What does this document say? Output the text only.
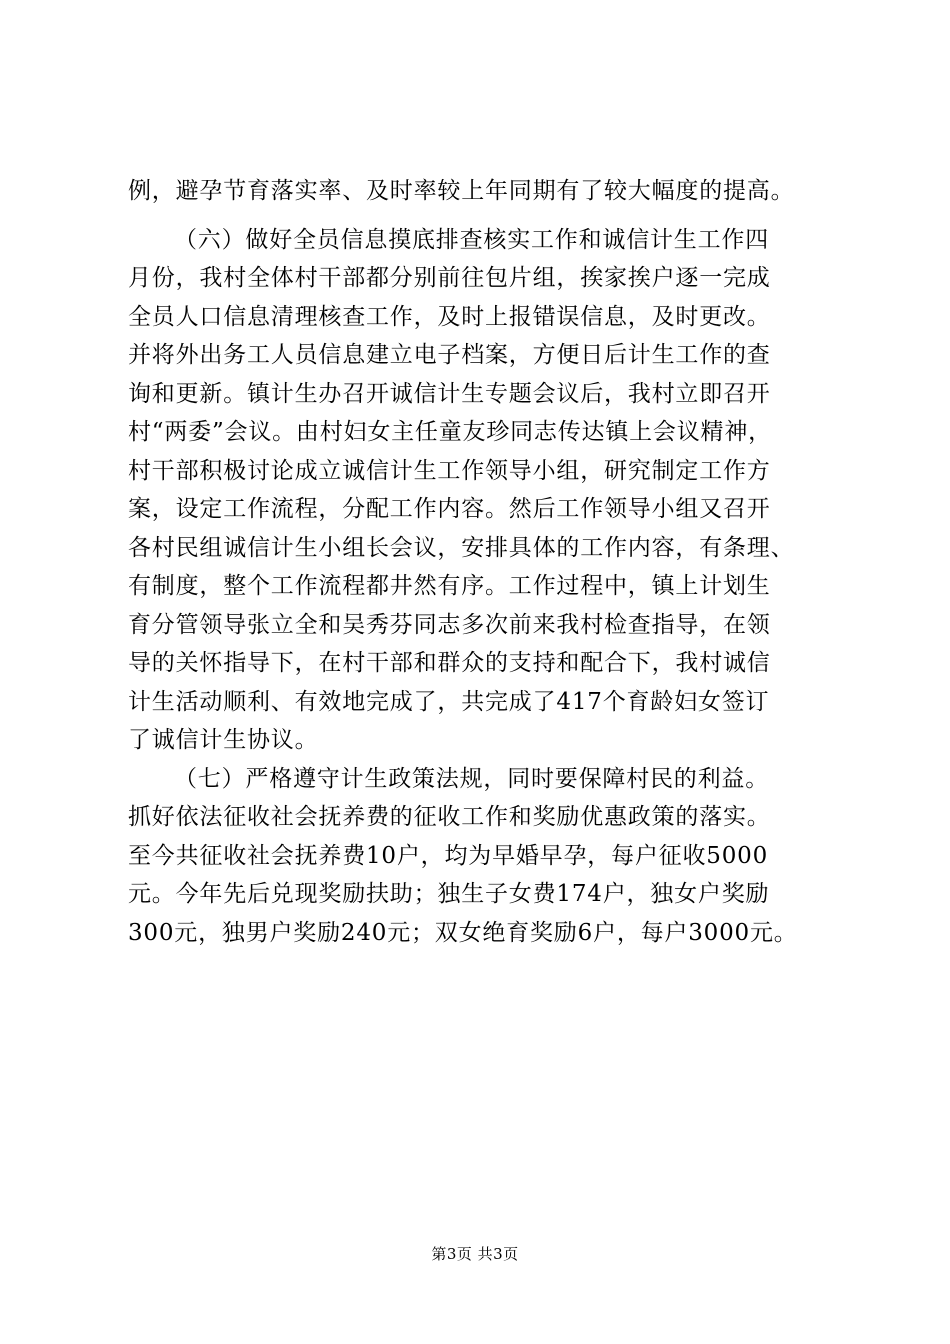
例，避孕节育落实率、及时率较上年同期有了较大幅度的提高。
（六）做好全员信息摸底排查核实工作和诚信计生工作四
月份，我村全体村干部都分别前往包片组，挨家挨户逐一完成
全员人口信息清理核查工作，及时上报错误信息，及时更改。
并将外出务工人员信息建立电子档案，方便日后计生工作的查
询和更新。镇计生办召开诚信计生专题会议后，我村立即召开
村“两委”会议。由村妇女主任童友珍同志传达镇上会议精神，
村干部积极讨论成立诚信计生工作领导小组，研究制定工作方
案，设定工作流程，分配工作内容。然后工作领导小组又召开
各村民组诚信计生小组长会议，安排具体的工作内容，有条理、
有制度，整个工作流程都井然有序。工作过程中，镇上计划生
育分管领导张立全和吴秀芬同志多次前来我村检查指导，在领
导的关怀指导下，在村干部和群众的支持和配合下，我村诚信
计生活动顺利、有效地完成了，共完成了417个育龄妇女签订
了诚信计生协议。
（七）严格遵守计生政策法规，同时要保障村民的利益。
抓好依法征收社会抚养费的征收工作和奖励优惠政策的落实。
至今共征收社会抚养费10户，均为早婚早孕，每户征收5000
元。今年先后兑现奖励扶助；独生子女费174户，独女户奖励
300元，独男户奖励240元；双女绝育奖励6户，每户3000元。
第3页 共3页
